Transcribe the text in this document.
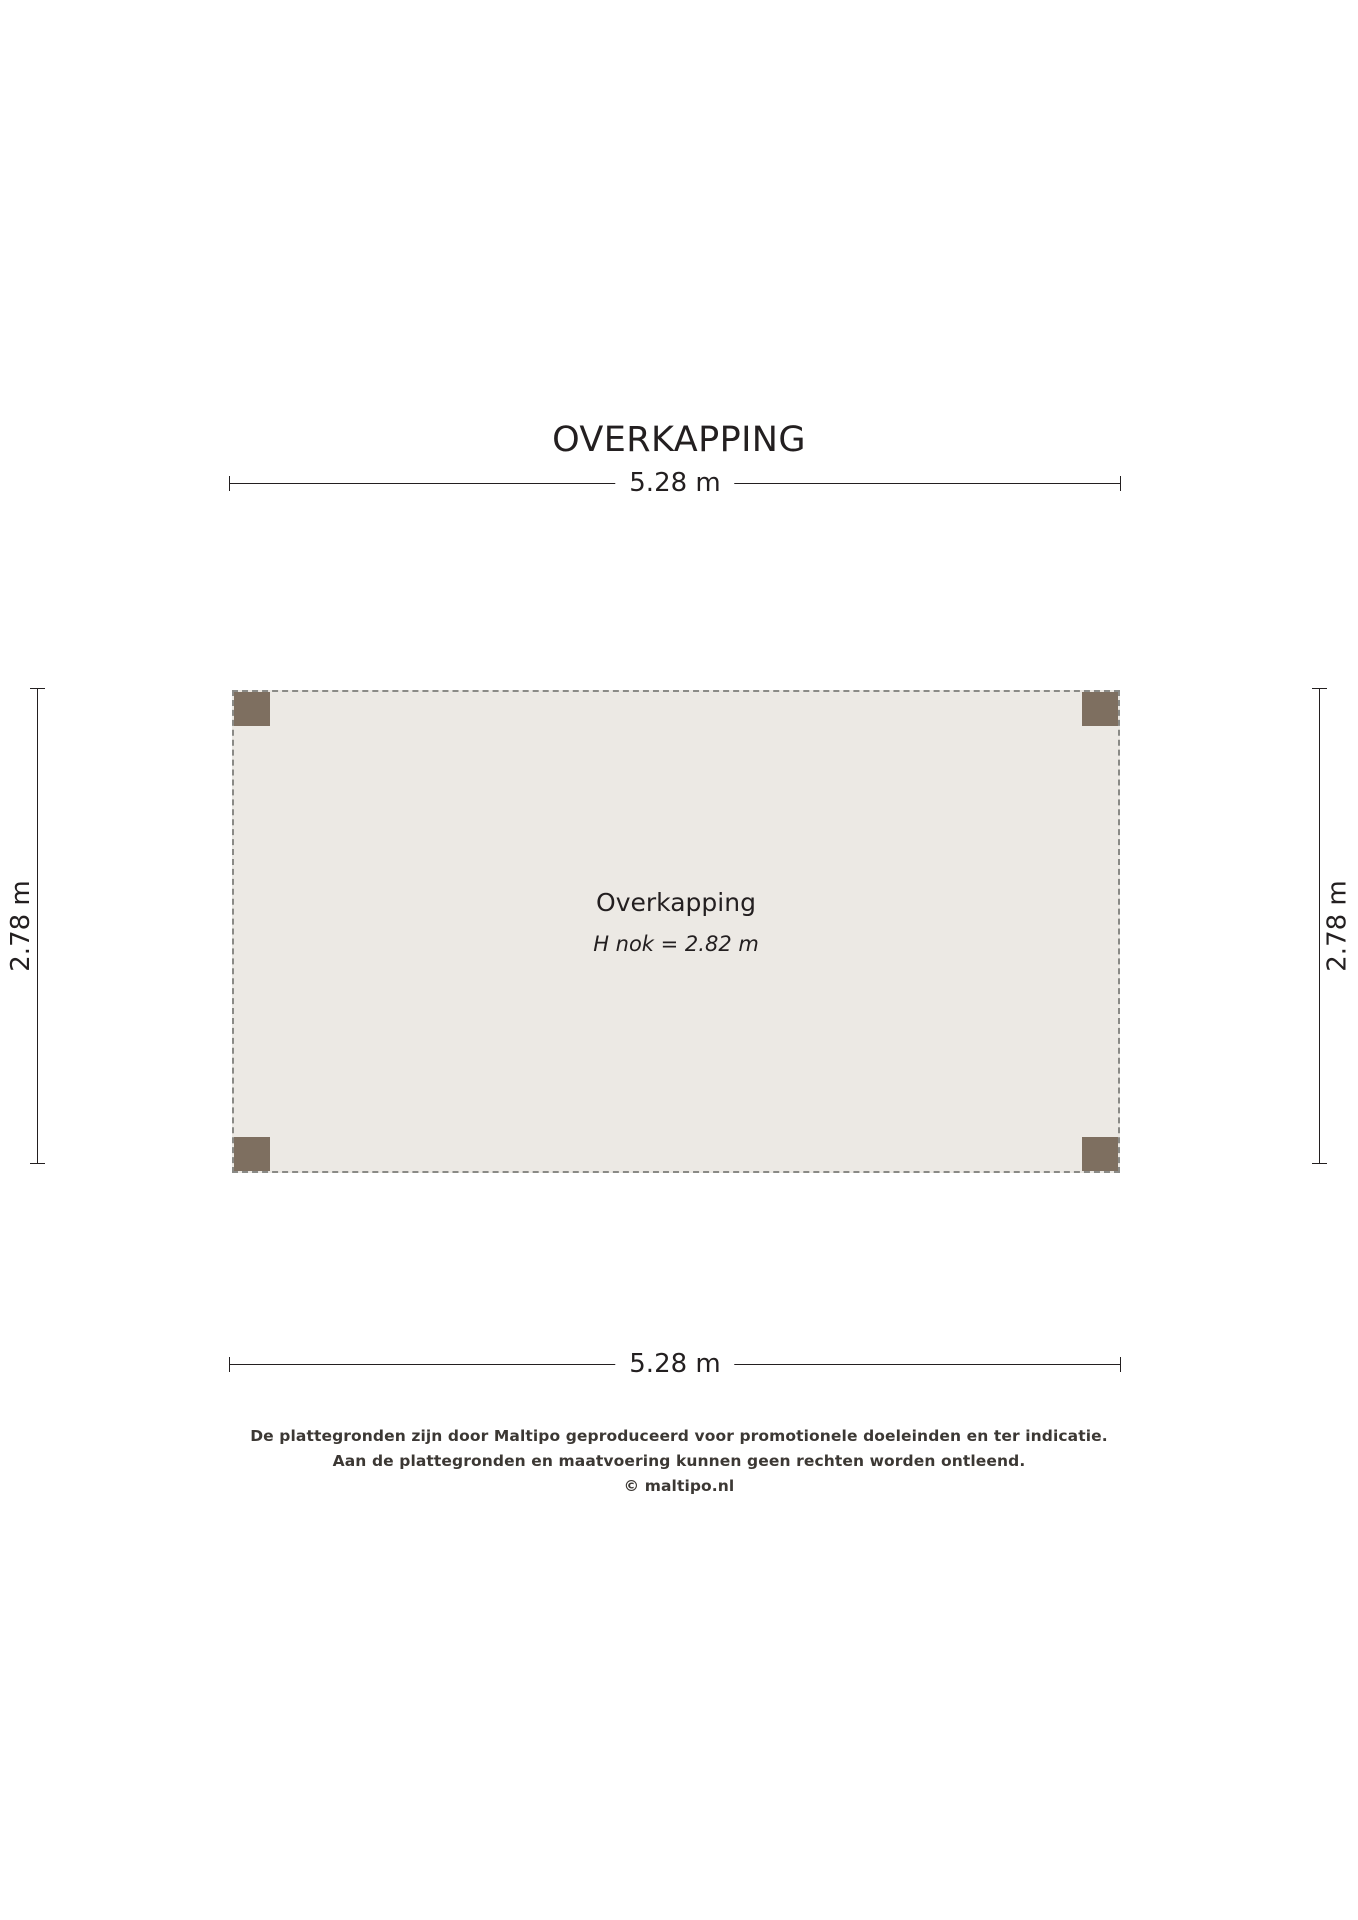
OVERKAPPING
5.28 m
2.78 m	2.78 m
Overkapping
H nok = 2.82 m
5.28 m
De plattegronden zijn door Maltipo geproduceerd voor promotionele doeleinden en ter indicatie.
Aan de plattegronden en maatvoering kunnen geen rechten worden ontleend.
© maltipo.nl
